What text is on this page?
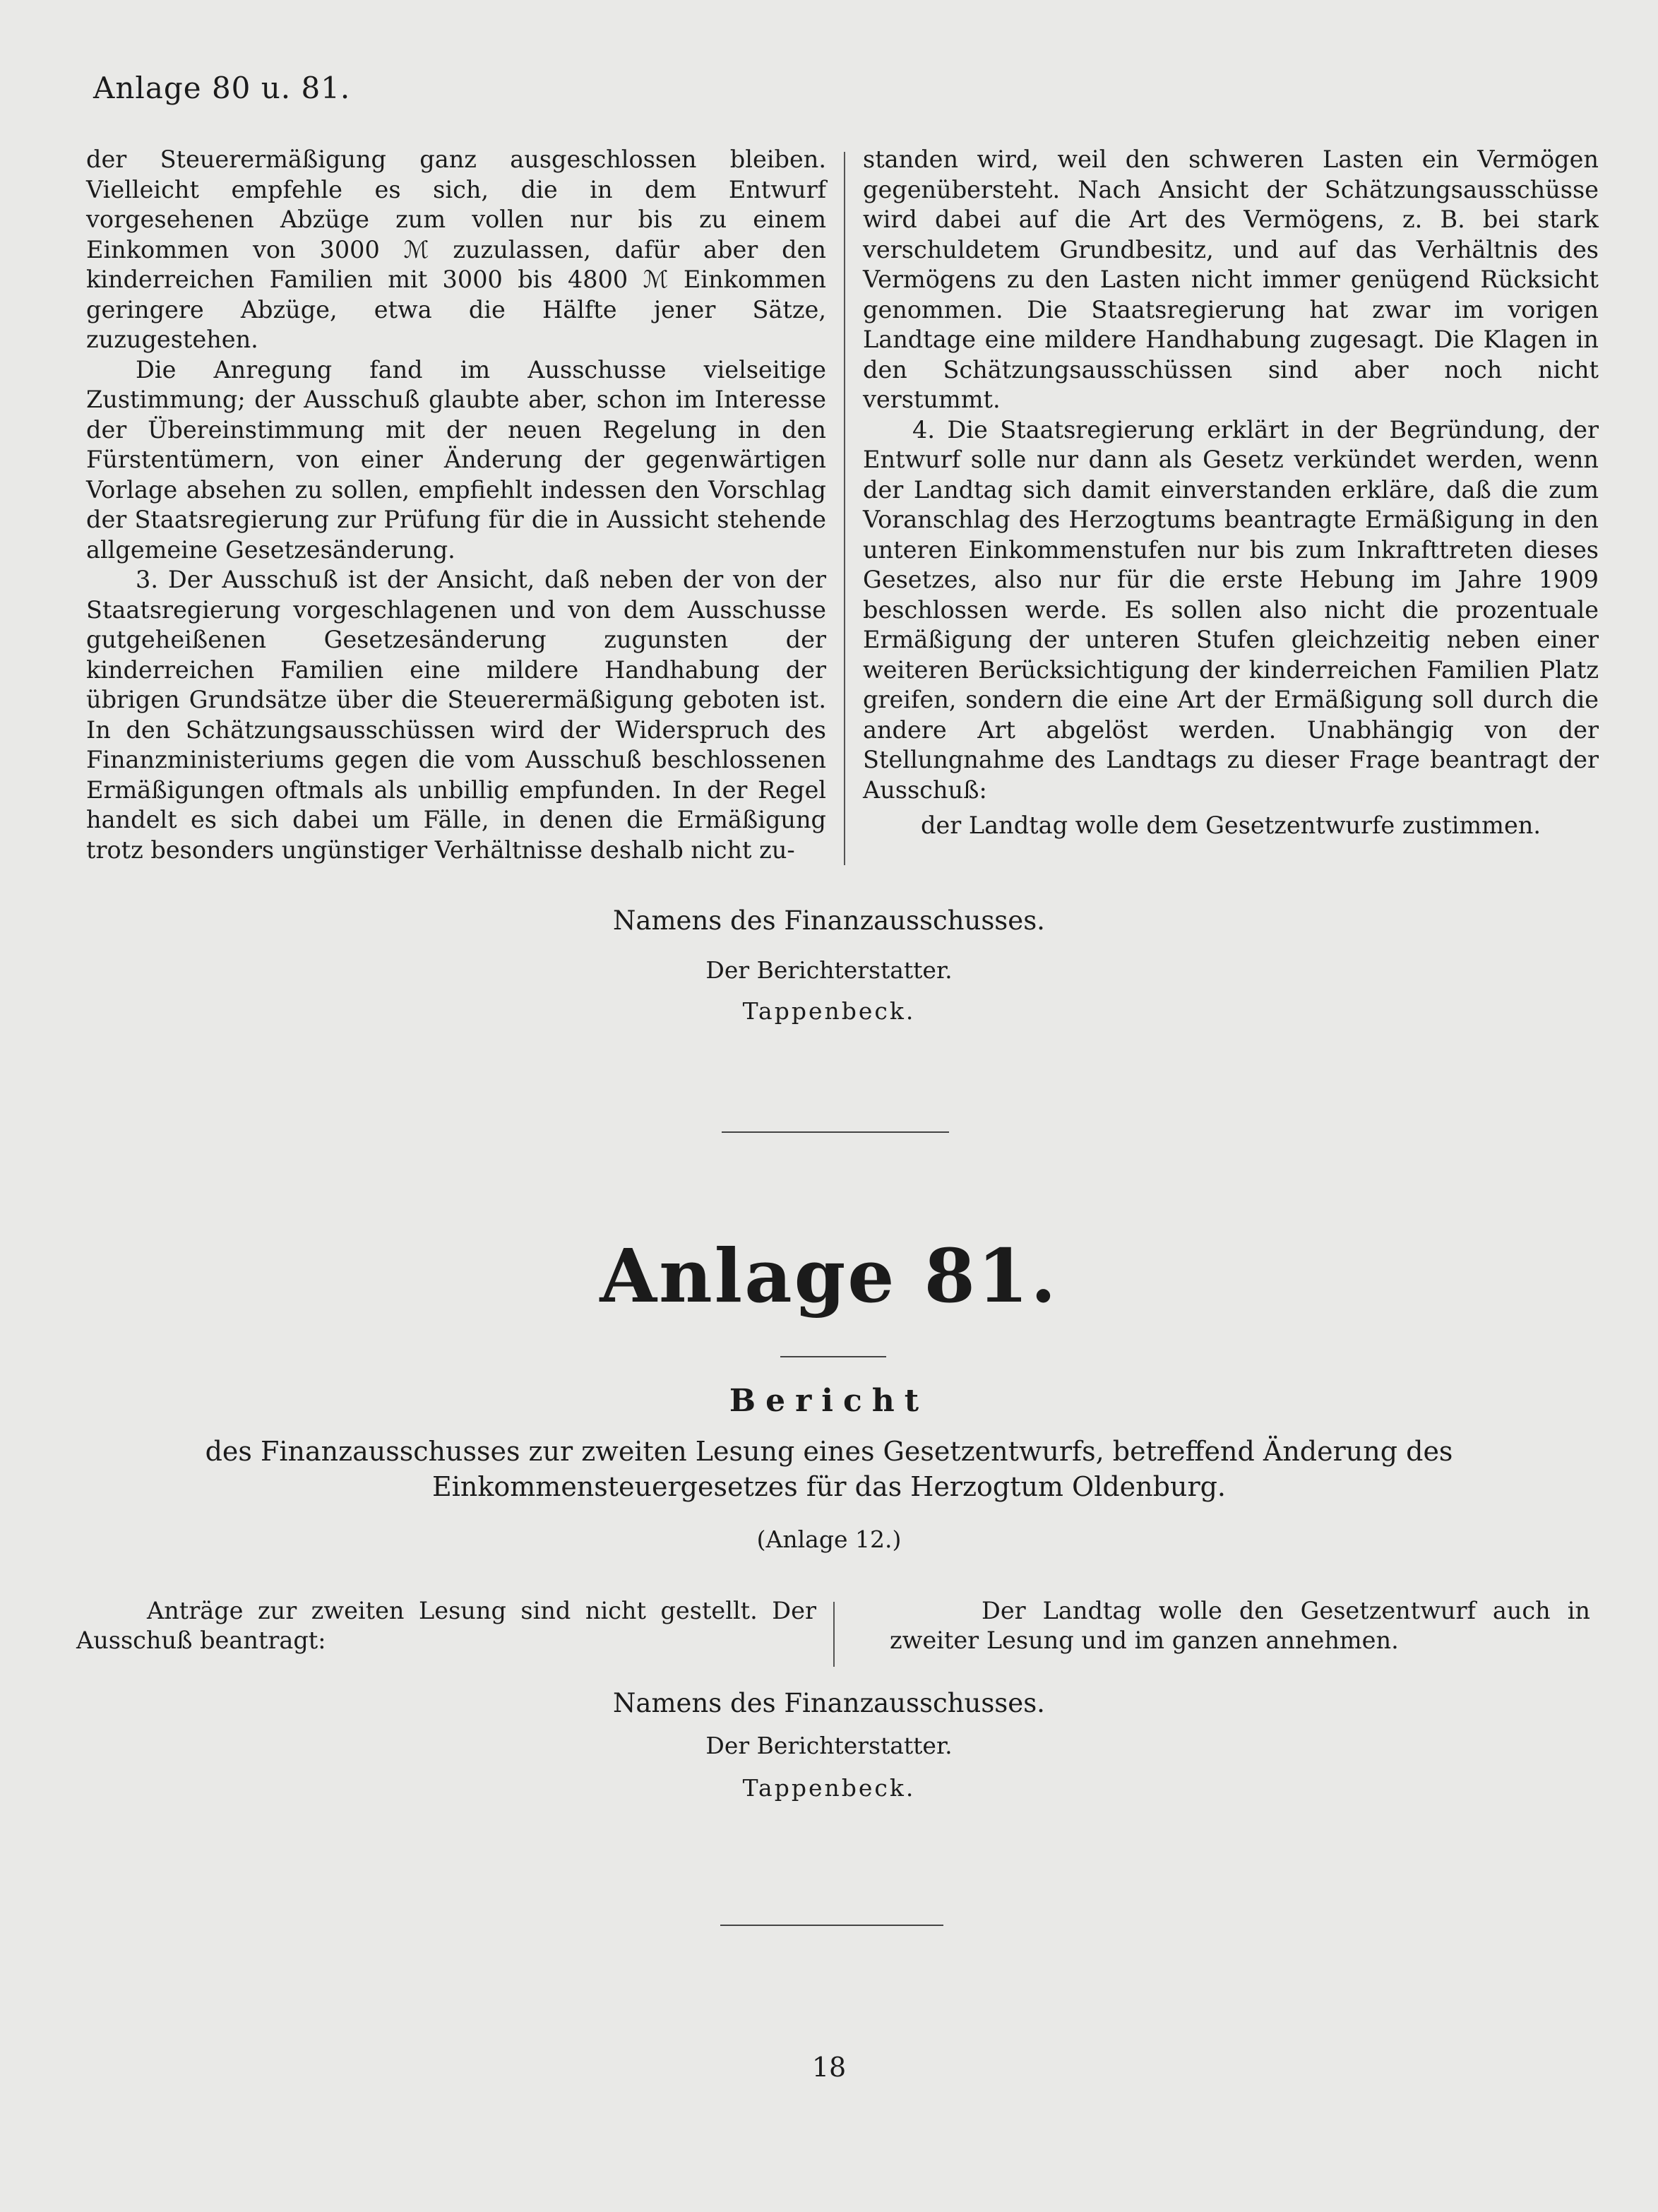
Anlage 80 u. 81.

der Steuerermäßigung ganz ausgeschlossen bleiben. Vielleicht empfehle es sich, die in dem Entwurf vorgesehenen Abzüge zum vollen nur bis zu einem Einkommen von 3000 ℳ zuzulassen, dafür aber den kinderreichen Familien mit 3000 bis 4800 ℳ Einkommen geringere Abzüge, etwa die Hälfte jener Sätze, zuzugestehen.

Die Anregung fand im Ausschusse vielseitige Zustimmung; der Ausschuß glaubte aber, schon im Interesse der Übereinstimmung mit der neuen Regelung in den Fürstentümern, von einer Änderung der gegenwärtigen Vorlage absehen zu sollen, empfiehlt indessen den Vorschlag der Staatsregierung zur Prüfung für die in Aussicht stehende allgemeine Gesetzesänderung.

3. Der Ausschuß ist der Ansicht, daß neben der von der Staatsregierung vorgeschlagenen und von dem Ausschusse gutgeheißenen Gesetzesänderung zugunsten der kinderreichen Familien eine mildere Handhabung der übrigen Grundsätze über die Steuerermäßigung geboten ist. In den Schätzungsausschüssen wird der Widerspruch des Finanzministeriums gegen die vom Ausschuß beschlossenen Ermäßigungen oftmals als unbillig empfunden. In der Regel handelt es sich dabei um Fälle, in denen die Ermäßigung trotz besonders ungünstiger Verhältnisse deshalb nicht zu-

standen wird, weil den schweren Lasten ein Vermögen gegenübersteht. Nach Ansicht der Schätzungsausschüsse wird dabei auf die Art des Vermögens, z. B. bei stark verschuldetem Grundbesitz, und auf das Verhältnis des Vermögens zu den Lasten nicht immer genügend Rücksicht genommen. Die Staatsregierung hat zwar im vorigen Landtage eine mildere Handhabung zugesagt. Die Klagen in den Schätzungsausschüssen sind aber noch nicht verstummt.

4. Die Staatsregierung erklärt in der Begründung, der Entwurf solle nur dann als Gesetz verkündet werden, wenn der Landtag sich damit einverstanden erkläre, daß die zum Voranschlag des Herzogtums beantragte Ermäßigung in den unteren Einkommenstufen nur bis zum Inkrafttreten dieses Gesetzes, also nur für die erste Hebung im Jahre 1909 beschlossen werde. Es sollen also nicht die prozentuale Ermäßigung der unteren Stufen gleichzeitig neben einer weiteren Berücksichtigung der kinderreichen Familien Platz greifen, sondern die eine Art der Ermäßigung soll durch die andere Art abgelöst werden. Unabhängig von der Stellungnahme des Landtags zu dieser Frage beantragt der Ausschuß:

der Landtag wolle dem Gesetzentwurfe zustimmen.

Namens des Finanzausschusses.
Der Berichterstatter.
Tappenbeck.
Anlage 81.
Bericht
des Finanzausschusses zur zweiten Lesung eines Gesetzentwurfs, betreffend Änderung des Einkommensteuergesetzes für das Herzogtum Oldenburg.
(Anlage 12.)

Anträge zur zweiten Lesung sind nicht gestellt. Der Ausschuß beantragt:

Der Landtag wolle den Gesetzentwurf auch in zweiter Lesung und im ganzen annehmen.

Namens des Finanzausschusses.
Der Berichterstatter.
Tappenbeck.
18
